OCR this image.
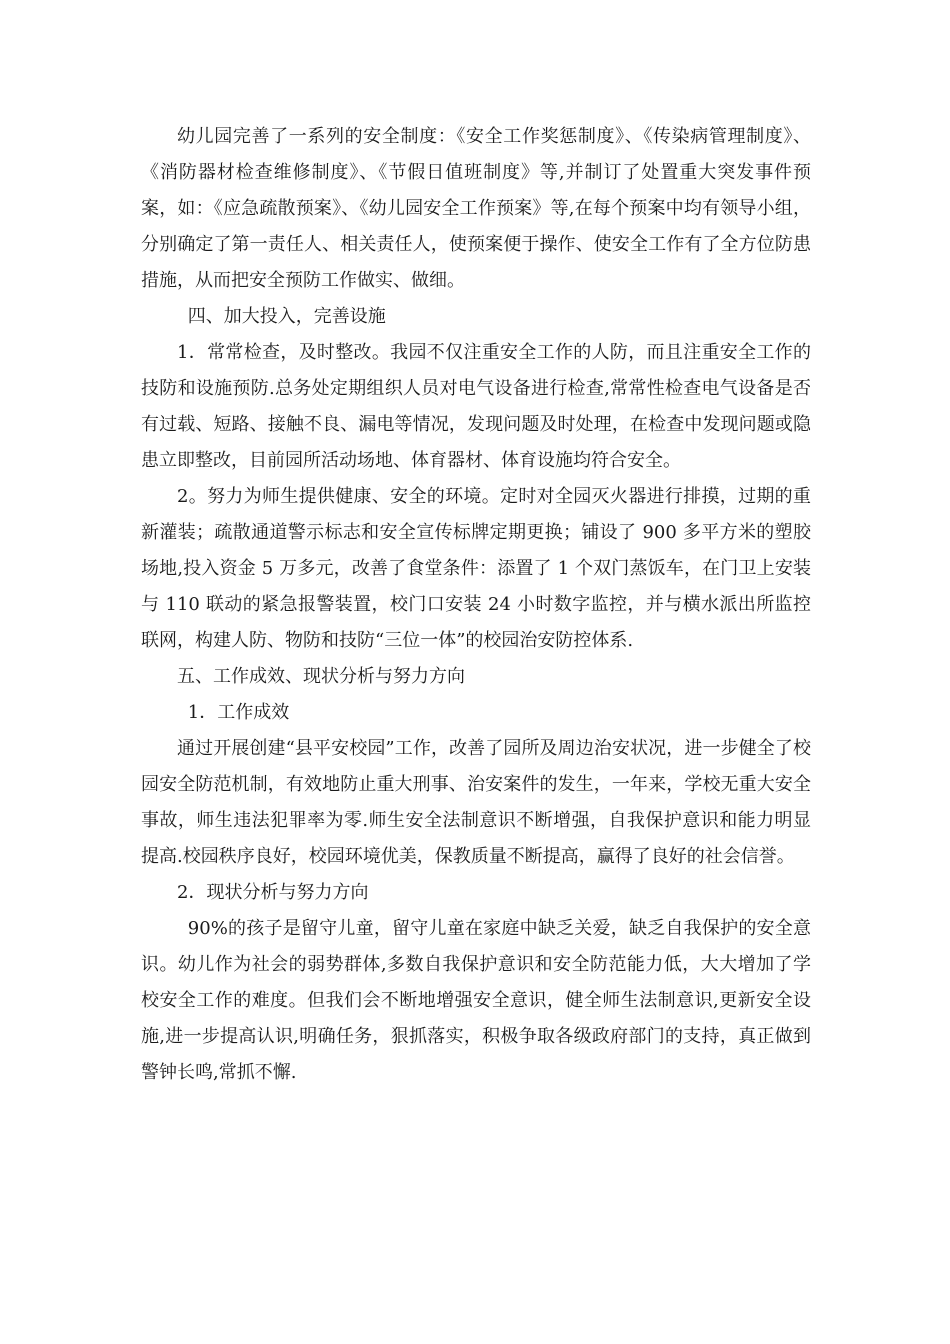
幼儿园完善了一系列的安全制度：《安全工作奖惩制度》、《传染病管理制度》、《消防器材检查维修制度》、《节假日值班制度》等,并制订了处置重大突发事件预案，如：《应急疏散预案》、《幼儿园安全工作预案》等,在每个预案中均有领导小组，分别确定了第一责任人、相关责任人，使预案便于操作、使安全工作有了全方位防患措施，从而把安全预防工作做实、做细。

四、加大投入，完善设施

1．常常检查，及时整改。我园不仅注重安全工作的人防，而且注重安全工作的技防和设施预防.总务处定期组织人员对电气设备进行检查,常常性检查电气设备是否有过载、短路、接触不良、漏电等情况，发现问题及时处理，在检查中发现问题或隐患立即整改，目前园所活动场地、体育器材、体育设施均符合安全。

2。努力为师生提供健康、安全的环境。定时对全园灭火器进行排摸，过期的重新灌装；疏散通道警示标志和安全宣传标牌定期更换；铺设了 900 多平方米的塑胶场地,投入资金 5 万多元，改善了食堂条件：添置了 1 个双门蒸饭车，在门卫上安装与 110 联动的紧急报警装置，校门口安装 24 小时数字监控，并与横水派出所监控联网，构建人防、物防和技防“三位一体”的校园治安防控体系.

五、工作成效、现状分析与努力方向

1．工作成效

通过开展创建“县平安校园”工作，改善了园所及周边治安状况，进一步健全了校园安全防范机制，有效地防止重大刑事、治安案件的发生，一年来，学校无重大安全事故，师生违法犯罪率为零.师生安全法制意识不断增强，自我保护意识和能力明显提高.校园秩序良好，校园环境优美，保教质量不断提高，赢得了良好的社会信誉。

2．现状分析与努力方向

90%的孩子是留守儿童，留守儿童在家庭中缺乏关爱，缺乏自我保护的安全意识。幼儿作为社会的弱势群体,多数自我保护意识和安全防范能力低，大大增加了学校安全工作的难度。但我们会不断地增强安全意识，健全师生法制意识,更新安全设施,进一步提高认识,明确任务，狠抓落实，积极争取各级政府部门的支持，真正做到警钟长鸣,常抓不懈.
